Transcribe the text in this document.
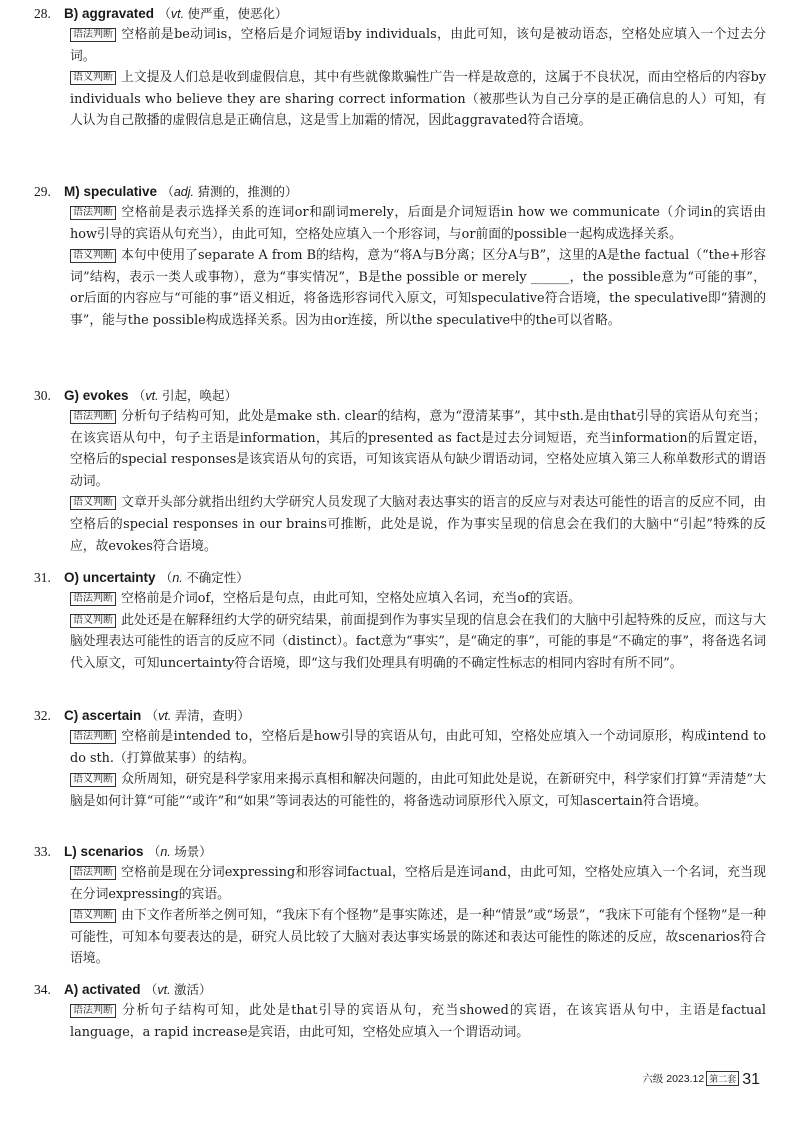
28. B) aggravated （vt. 使严重，使恶化）

语法判断 空格前是be动词is，空格后是介词短语by individuals，由此可知，该句是被动语态，空格处应填入一个过去分词。

语义判断 上文提及人们总是收到虚假信息，其中有些就像欺骗性广告一样是故意的，这属于不良状况，而由空格后的内容by individuals who believe they are sharing correct information（被那些认为自己分享的是正确信息的人）可知，有人认为自己散播的虚假信息是正确信息，这是雪上加霜的情况，因此aggravated符合语境。

29. M) speculative （adj. 猜测的，推测的）

语法判断 空格前是表示选择关系的连词or和副词merely，后面是介词短语in how we communicate（介词in的宾语由how引导的宾语从句充当），由此可知，空格处应填入一个形容词，与or前面的possible一起构成选择关系。

语义判断 本句中使用了separate A from B的结构，意为“将A与B分离；区分A与B”，这里的A是the factual（“the+形容词”结构，表示一类人或事物），意为“事实情况”，B是the possible or merely ______，the possible意为“可能的事”，or后面的内容应与“可能的事”语义相近，将备选形容词代入原文，可知speculative符合语境，the speculative即“猜测的事”，能与the possible构成选择关系。因为由or连接，所以the speculative中的the可以省略。

30. G) evokes （vt. 引起，唤起）

语法判断 分析句子结构可知，此处是make sth. clear的结构，意为“澄清某事”，其中sth.是由that引导的宾语从句充当；在该宾语从句中，句子主语是information，其后的presented as fact是过去分词短语，充当information的后置定语，空格后的special responses是该宾语从句的宾语，可知该宾语从句缺少谓语动词，空格处应填入第三人称单数形式的谓语动词。

语义判断 文章开头部分就指出纽约大学研究人员发现了大脑对表达事实的语言的反应与对表达可能性的语言的反应不同，由空格后的special responses in our brains可推断，此处是说，作为事实呈现的信息会在我们的大脑中“引起”特殊的反应，故evokes符合语境。

31. O) uncertainty （n. 不确定性）

语法判断 空格前是介词of，空格后是句点，由此可知，空格处应填入名词，充当of的宾语。

语义判断 此处还是在解释纽约大学的研究结果，前面提到作为事实呈现的信息会在我们的大脑中引起特殊的反应，而这与大脑处理表达可能性的语言的反应不同（distinct）。fact意为“事实”，是“确定的事”，可能的事是“不确定的事”，将备选名词代入原文，可知uncertainty符合语境，即“这与我们处理具有明确的不确定性标志的相同内容时有所不同”。

32. C) ascertain （vt. 弄清，查明）

语法判断 空格前是intended to，空格后是how引导的宾语从句，由此可知，空格处应填入一个动词原形，构成intend to do sth.（打算做某事）的结构。

语义判断 众所周知，研究是科学家用来揭示真相和解决问题的，由此可知此处是说，在新研究中，科学家们打算“弄清楚”大脑是如何计算“可能”“或许”和“如果”等词表达的可能性的，将备选动词原形代入原文，可知ascertain符合语境。

33. L) scenarios （n. 场景）

语法判断 空格前是现在分词expressing和形容词factual，空格后是连词and，由此可知，空格处应填入一个名词，充当现在分词expressing的宾语。

语义判断 由下文作者所举之例可知，“我床下有个怪物”是事实陈述，是一种“情景”或“场景”，“我床下可能有个怪物”是一种可能性，可知本句要表达的是，研究人员比较了大脑对表达事实场景的陈述和表达可能性的陈述的反应，故scenarios符合语境。

34. A) activated （vt. 激活）

语法判断 分析句子结构可知，此处是that引导的宾语从句，充当showed的宾语，在该宾语从句中，主语是factual language，a rapid increase是宾语，由此可知，空格处应填入一个谓语动词。

六级 2023.12 第二套 31
